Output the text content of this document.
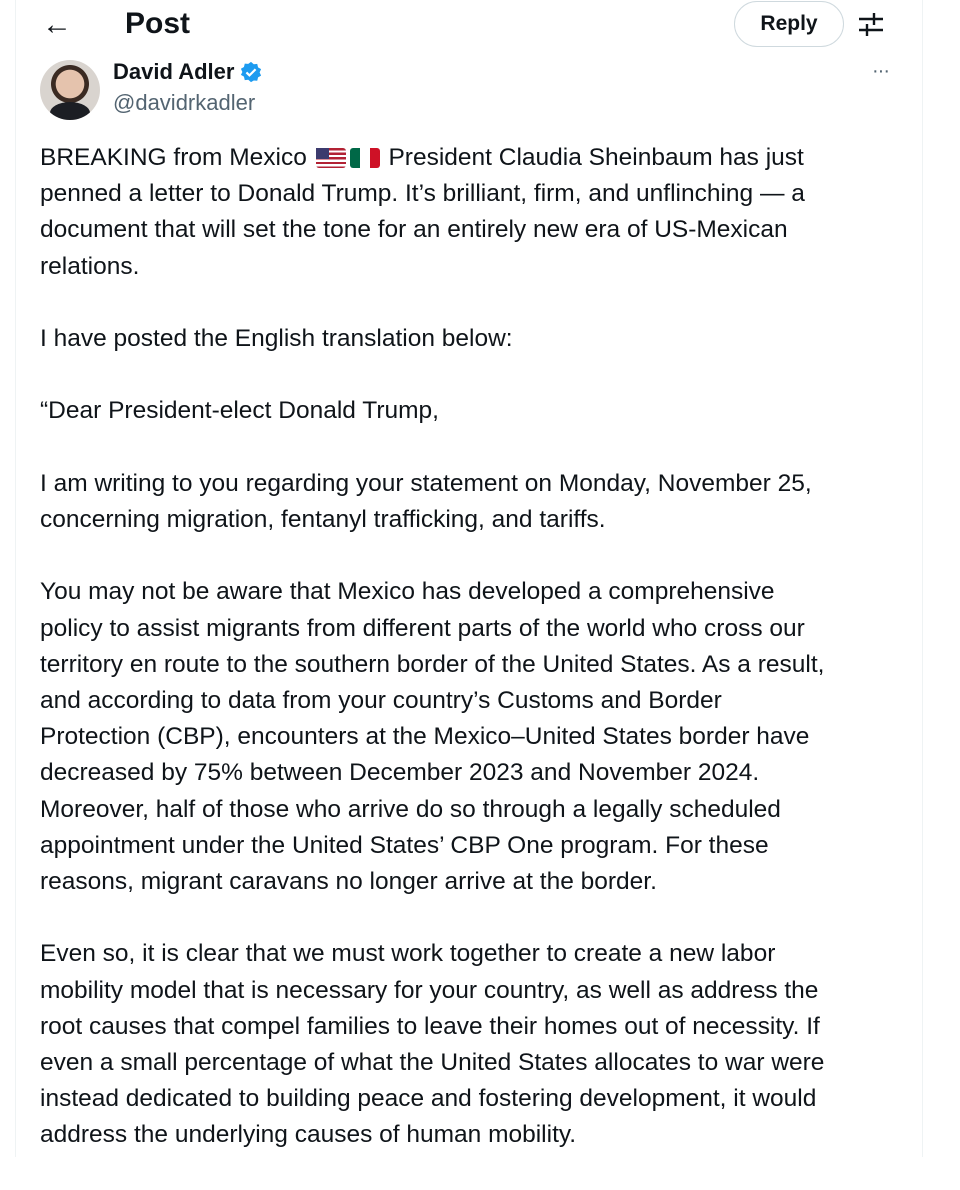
← Post	Reply
David Adler
@davidrkadler
···
BREAKING from Mexico	President Claudia Sheinbaum has just
penned a letter to Donald Trump. It’s brilliant, firm, and unflinching — a
document that will set the tone for an entirely new era of US-Mexican
relations.
I have posted the English translation below:
“Dear President-elect Donald Trump,
I am writing to you regarding your statement on Monday, November 25,
concerning migration, fentanyl trafficking, and tariffs.
You may not be aware that Mexico has developed a comprehensive
policy to assist migrants from different parts of the world who cross our
territory en route to the southern border of the United States. As a result,
and according to data from your country’s Customs and Border
Protection (CBP), encounters at the Mexico–United States border have
decreased by 75% between December 2023 and November 2024.
Moreover, half of those who arrive do so through a legally scheduled
appointment under the United States’ CBP One program. For these
reasons, migrant caravans no longer arrive at the border.
Even so, it is clear that we must work together to create a new labor
mobility model that is necessary for your country, as well as address the
root causes that compel families to leave their homes out of necessity. If
even a small percentage of what the United States allocates to war were
instead dedicated to building peace and fostering development, it would
address the underlying causes of human mobility.
